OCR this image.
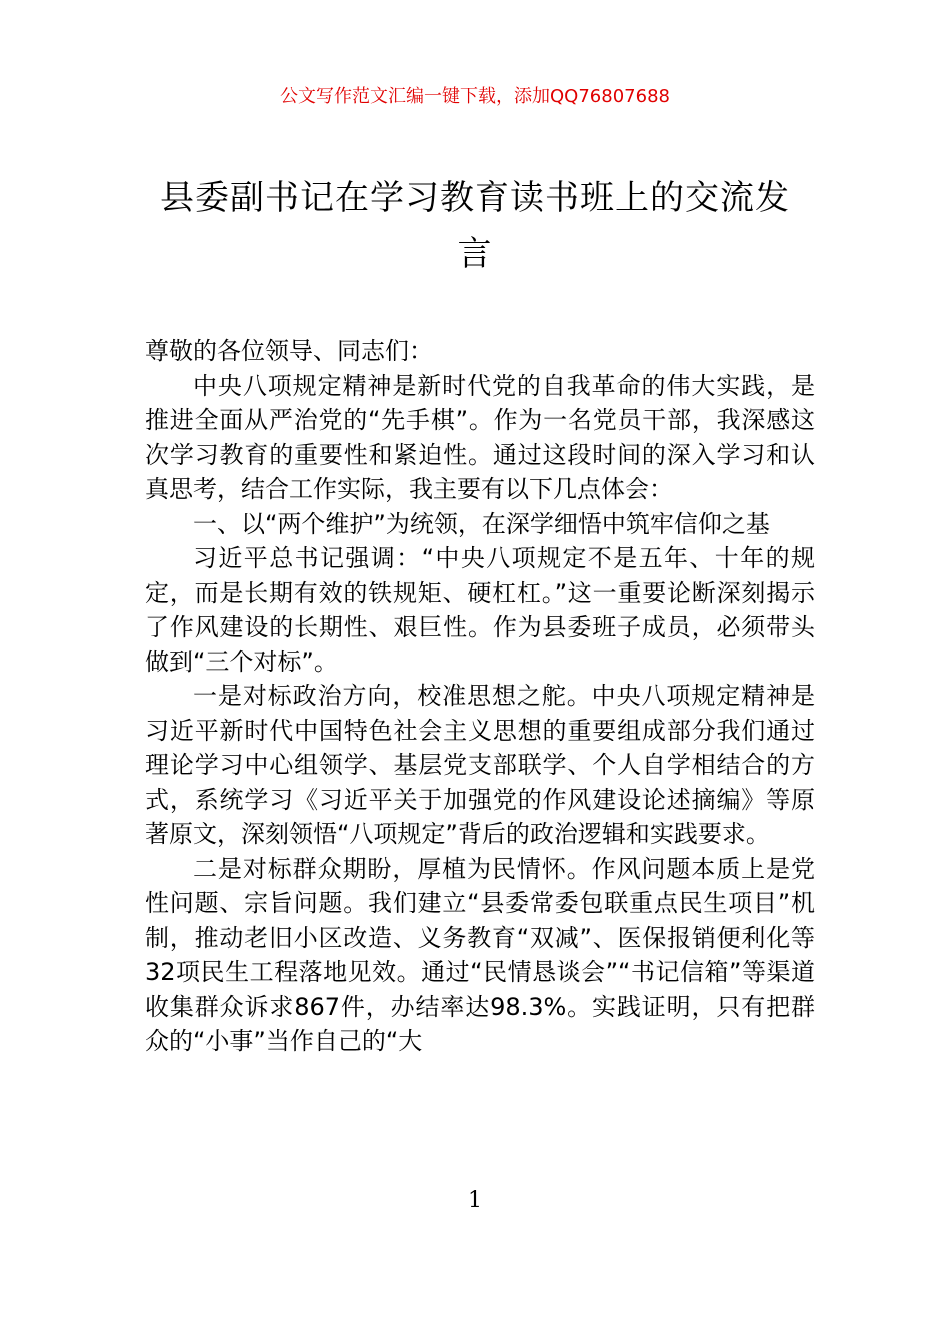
公文写作范文汇编一键下载，添加QQ76807688
县委副书记在学习教育读书班上的交流发言

尊敬的各位领导、同志们：

中央八项规定精神是新时代党的自我革命的伟大实践，是推进全面从严治党的“先手棋”。作为一名党员干部，我深感这次学习教育的重要性和紧迫性。通过这段时间的深入学习和认真思考，结合工作实际，我主要有以下几点体会：

一、以“两个维护”为统领，在深学细悟中筑牢信仰之基

习近平总书记强调：“中央八项规定不是五年、十年的规定，而是长期有效的铁规矩、硬杠杠。”这一重要论断深刻揭示了作风建设的长期性、艰巨性。作为县委班子成员，必须带头做到“三个对标”。

一是对标政治方向，校准思想之舵。中央八项规定精神是习近平新时代中国特色社会主义思想的重要组成部分我们通过理论学习中心组领学、基层党支部联学、个人自学相结合的方式，系统学习《习近平关于加强党的作风建设论述摘编》等原著原文，深刻领悟“八项规定”背后的政治逻辑和实践要求。

二是对标群众期盼，厚植为民情怀。作风问题本质上是党性问题、宗旨问题。我们建立“县委常委包联重点民生项目”机制，推动老旧小区改造、义务教育“双减”、医保报销便利化等32项民生工程落地见效。通过“民情恳谈会”“书记信箱”等渠道收集群众诉求867件，办结率达98.3%。实践证明，只有把群众的“小事”当作自己的“大

1
